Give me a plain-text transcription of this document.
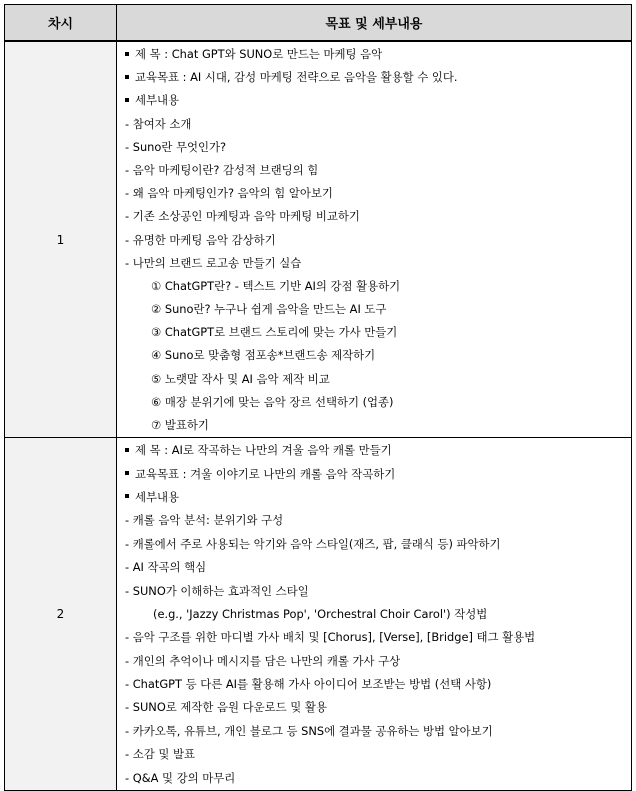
차시	목표 및 세부내용
1
제 목 : Chat GPT와 SUNO로 만드는 마케팅 음악
교육목표 : AI 시대, 감성 마케팅 전략으로 음악을 활용할 수 있다.
세부내용
- 참여자 소개
- Suno란 무엇인가?
- 음악 마케팅이란? 감성적 브랜딩의 힘
- 왜 음악 마케팅인가? 음악의 힘 알아보기
- 기존 소상공인 마케팅과 음악 마케팅 비교하기
- 유명한 마케팅 음악 감상하기
- 나만의 브랜드 로고송 만들기 실습
① ChatGPT란? - 텍스트 기반 AI의 강점 활용하기
② Suno란? 누구나 쉽게 음악을 만드는 AI 도구
③ ChatGPT로 브랜드 스토리에 맞는 가사 만들기
④ Suno로 맞춤형 점포송*브랜드송 제작하기
⑤ 노랫말 작사 및 AI 음악 제작 비교
⑥ 매장 분위기에 맞는 음악 장르 선택하기 (업종)
⑦ 발표하기
2
제 목 : AI로 작곡하는 나만의 겨울 음악 캐롤 만들기
교육목표 : 겨울 이야기로 나만의 캐롤 음악 작곡하기
세부내용
- 캐롤 음악 분석: 분위기와 구성
- 캐롤에서 주로 사용되는 악기와 음악 스타일(재즈, 팝, 클래식 등) 파악하기
- AI 작곡의 핵심
- SUNO가 이해하는 효과적인 스타일
(e.g., 'Jazzy Christmas Pop', 'Orchestral Choir Carol') 작성법
- 음악 구조를 위한 마디별 가사 배치 및 [Chorus], [Verse], [Bridge] 태그 활용법
- 개인의 추억이나 메시지를 담은 나만의 캐롤 가사 구상
- ChatGPT 등 다른 AI를 활용해 가사 아이디어 보조받는 방법 (선택 사항)
- SUNO로 제작한 음원 다운로드 및 활용
- 카카오톡, 유튜브, 개인 블로그 등 SNS에 결과물 공유하는 방법 알아보기
- 소감 및 발표
- Q&A 및 강의 마무리
